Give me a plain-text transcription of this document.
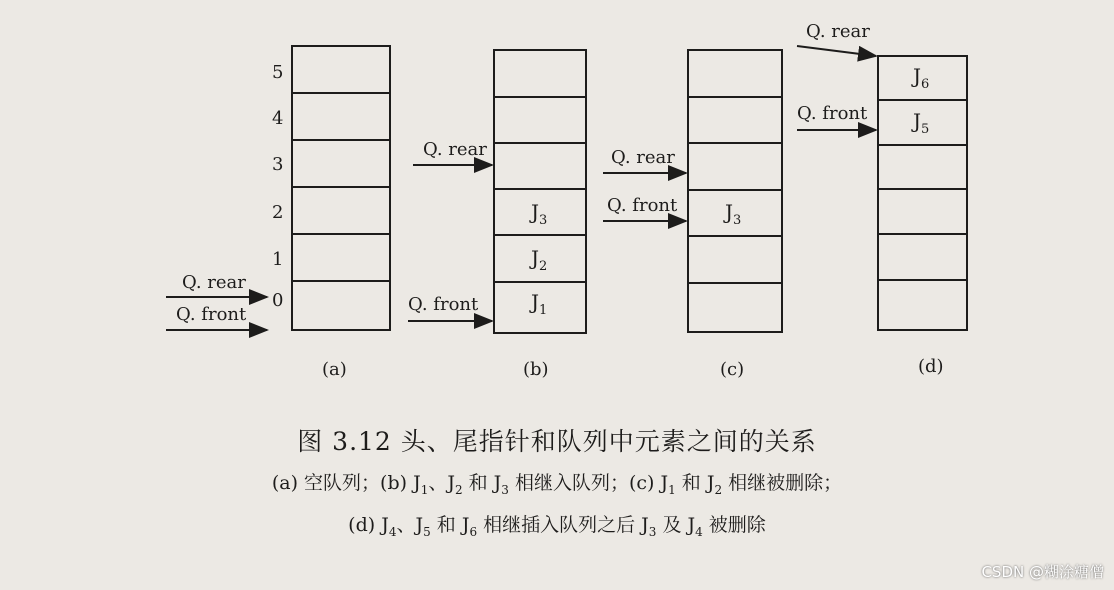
5
4
3
2
1
0
$J_3$
$J_2$
$J_1$
$J_3$
$J_6$
$J_5$
Q. rear
Q. front
Q. rear
Q. front
Q. rear
Q. front
Q. rear
Q. front
(a)	(b)	(c)	(d)
图 3.12 头、尾指针和队列中元素之间的关系
(a) 空队列；(b) $J_1$、$J_2$ 和 $J_3$ 相继入队列；(c) $J_1$ 和 $J_2$ 相继被删除；
(d) $J_4$、$J_5$ 和 $J_6$ 相继插入队列之后 $J_3$ 及 $J_4$ 被删除
CSDN @糊涂糖僧
